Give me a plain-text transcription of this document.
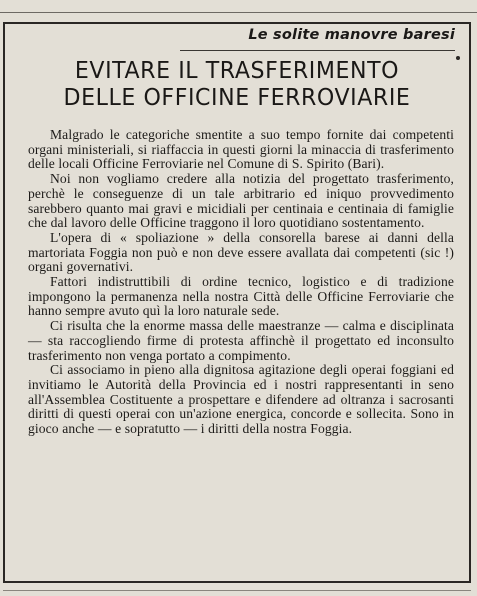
Le solite manovre baresi
EVITARE IL TRASFERIMENTO
DELLE OFFICINE FERROVIARIE

Malgrado le categoriche smentite a suo tempo fornite dai competenti organi ministeriali, si riaffaccia in questi giorni la minaccia di trasferimento delle locali Officine Ferroviarie nel Comune di S. Spirito (Bari).

Noi non vogliamo credere alla notizia del progettato trasferimento, perchè le conseguenze di un tale arbitrario ed iniquo provvedimento sarebbero quanto mai gravi e micidiali per centinaia e centinaia di famiglie che dal lavoro delle Officine traggono il loro quotidiano sostentamento.

L'opera di « spoliazione » della consorella barese ai danni della martoriata Foggia non può e non deve essere avallata dai competenti (sic !) organi governativi.

Fattori indistruttibili di ordine tecnico, logistico e di tradizione impongono la permanenza nella nostra Città delle Officine Ferroviarie che hanno sempre avuto quì la loro naturale sede.

Ci risulta che la enorme massa delle maestranze — calma e disciplinata — sta raccogliendo firme di protesta affinchè il progettato ed inconsulto trasferimento non venga portato a compimento.

Ci associamo in pieno alla dignitosa agitazione degli operai foggiani ed invitiamo le Autorità della Provincia ed i nostri rappresentanti in seno all'Assemblea Costituente a prospettare e difendere ad oltranza i sacrosanti diritti di questi operai con un'azione energica, concorde e sollecita. Sono in gioco anche — e sopratutto — i diritti della nostra Foggia.
